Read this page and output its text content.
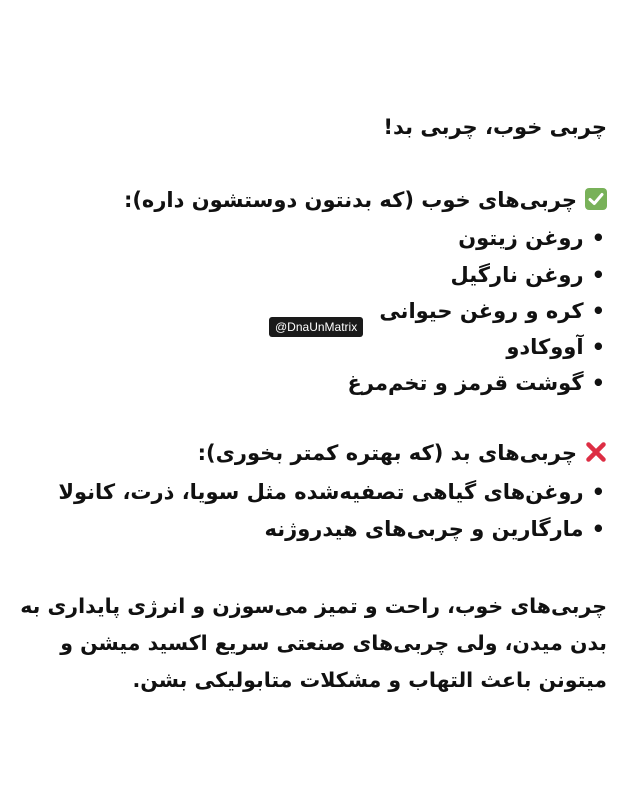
چربی خوب، چربی بد!
چربی‌های خوب (که بدنتون دوستشون داره):
•روغن زیتون
•روغن نارگیل
•کره و روغن حیوانی
•آووکادو
•گوشت قرمز و تخم‌مرغ
چربی‌های بد (که بهتره کمتر بخوری):
•روغن‌های گیاهی تصفیه‌شده مثل سویا، ذرت، کانولا
•مارگارین و چربی‌های هیدروژنه
چربی‌های خوب، راحت و تمیز می‌سوزن و انرژی پایداری به
بدن میدن، ولی چربی‌های صنعتی سریع اکسید میشن و
میتونن باعث التهاب و مشکلات متابولیکی بشن.
@DnaUnMatrix
